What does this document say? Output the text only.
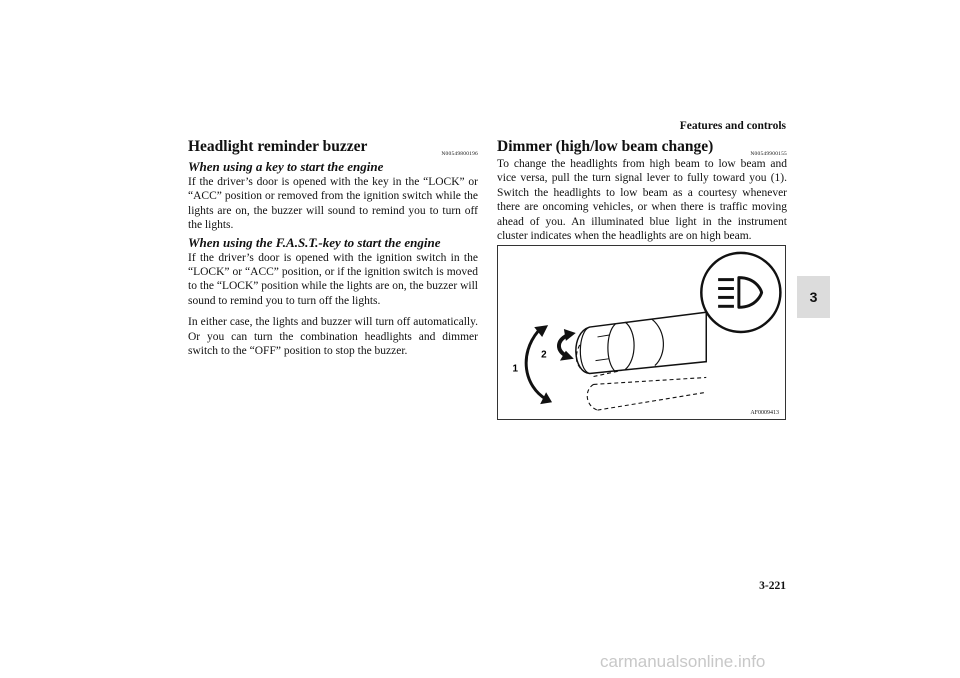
Features and controls
Headlight reminder buzzer	N00549800196
When using a key to start the engine

If the driver’s door is opened with the key in the “LOCK” or “ACC” position or removed from the ignition switch while the lights are on, the buzzer will sound to remind you to turn off the lights.

When using the F.A.S.T.-key to start the engine

If the driver’s door is opened with the ignition switch in the “LOCK” or “ACC” position, or if the ignition switch is moved to the “LOCK” position while the lights are on, the buzzer will sound to remind you to turn off the lights.

In either case, the lights and buzzer will turn off automatically. Or you can turn the combination headlights and dimmer switch to the “OFF” position to stop the buzzer.

Dimmer (high/low beam change)	N00549900155

To change the headlights from high beam to low beam and vice versa, pull the turn signal lever to fully toward you (1). Switch the headlights to low beam as a courtesy whenever there are oncoming vehicles, or when there is traffic moving ahead of you. An illuminated blue light in the instrument cluster indicates when the headlights are on high beam.

1
2
AF0009413
3
3-221
carmanualsonline.info
